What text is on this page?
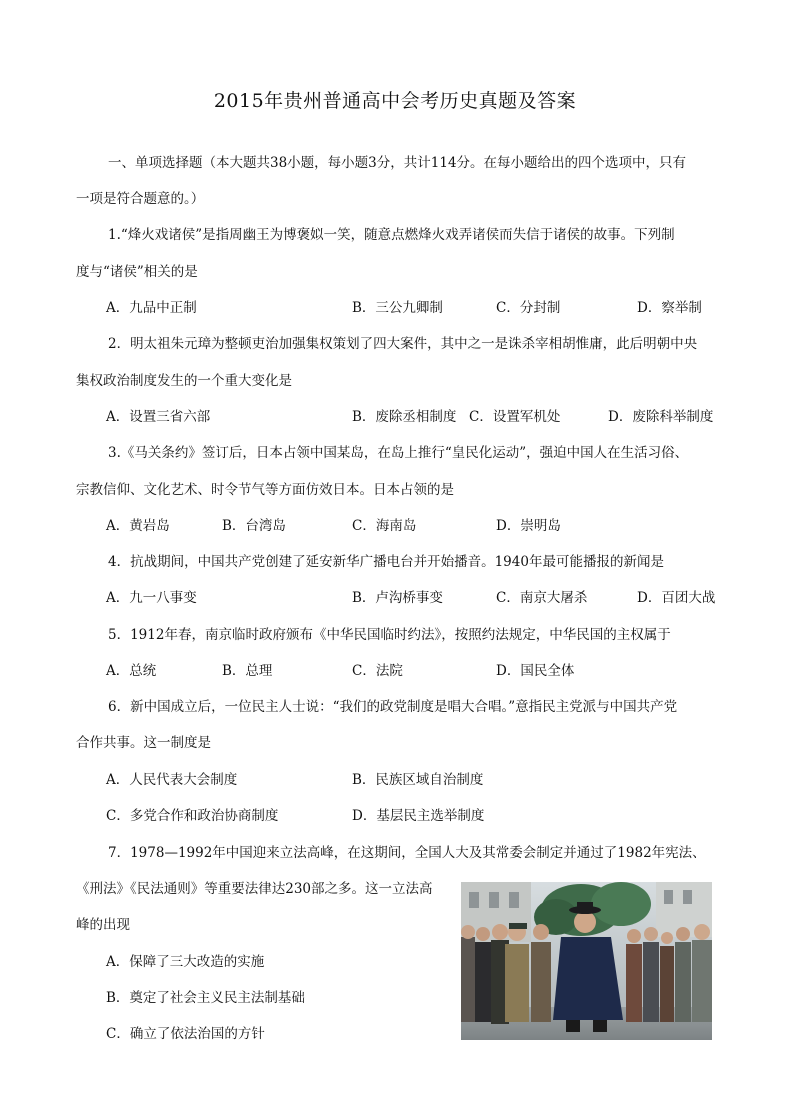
2015年贵州普通高中会考历史真题及答案
一、单项选择题（本大题共38小题，每小题3分，共计114分。在每小题给出的四个选项中，只有
一项是符合题意的。）
1.“烽火戏诸侯”是指周幽王为博褒姒一笑，随意点燃烽火戏弄诸侯而失信于诸侯的故事。下列制
度与“诸侯”相关的是
A．九品中正制	B．三公九卿制	C．分封制	D．察举制
2．明太祖朱元璋为整顿吏治加强集权策划了四大案件，其中之一是诛杀宰相胡惟庸，此后明朝中央
集权政治制度发生的一个重大变化是
A．设置三省六部	B．废除丞相制度 C．设置军机处	D．废除科举制度
3.《马关条约》签订后，日本占领中国某岛，在岛上推行“皇民化运动”，强迫中国人在生活习俗、
宗教信仰、文化艺术、时令节气等方面仿效日本。日本占领的是
A．黄岩岛	B．台湾岛	C．海南岛	D．崇明岛
4．抗战期间，中国共产党创建了延安新华广播电台并开始播音。1940年最可能播报的新闻是
A．九一八事变	B．卢沟桥事变	C．南京大屠杀	D．百团大战
5．1912年春，南京临时政府颁布《中华民国临时约法》，按照约法规定，中华民国的主权属于
A．总统	B．总理	C．法院	D．国民全体
6．新中国成立后，一位民主人士说：“我们的政党制度是唱大合唱。”意指民主党派与中国共产党
合作共事。这一制度是
A．人民代表大会制度	B．民族区域自治制度
C．多党合作和政治协商制度	D．基层民主选举制度
7．1978—1992年中国迎来立法高峰，在这期间，全国人大及其常委会制定并通过了1982年宪法、
《刑法》《民法通则》等重要法律达230部之多。这一立法高
峰的出现
A．保障了三大改造的实施
B．奠定了社会主义民主法制基础
C．确立了依法治国的方针
